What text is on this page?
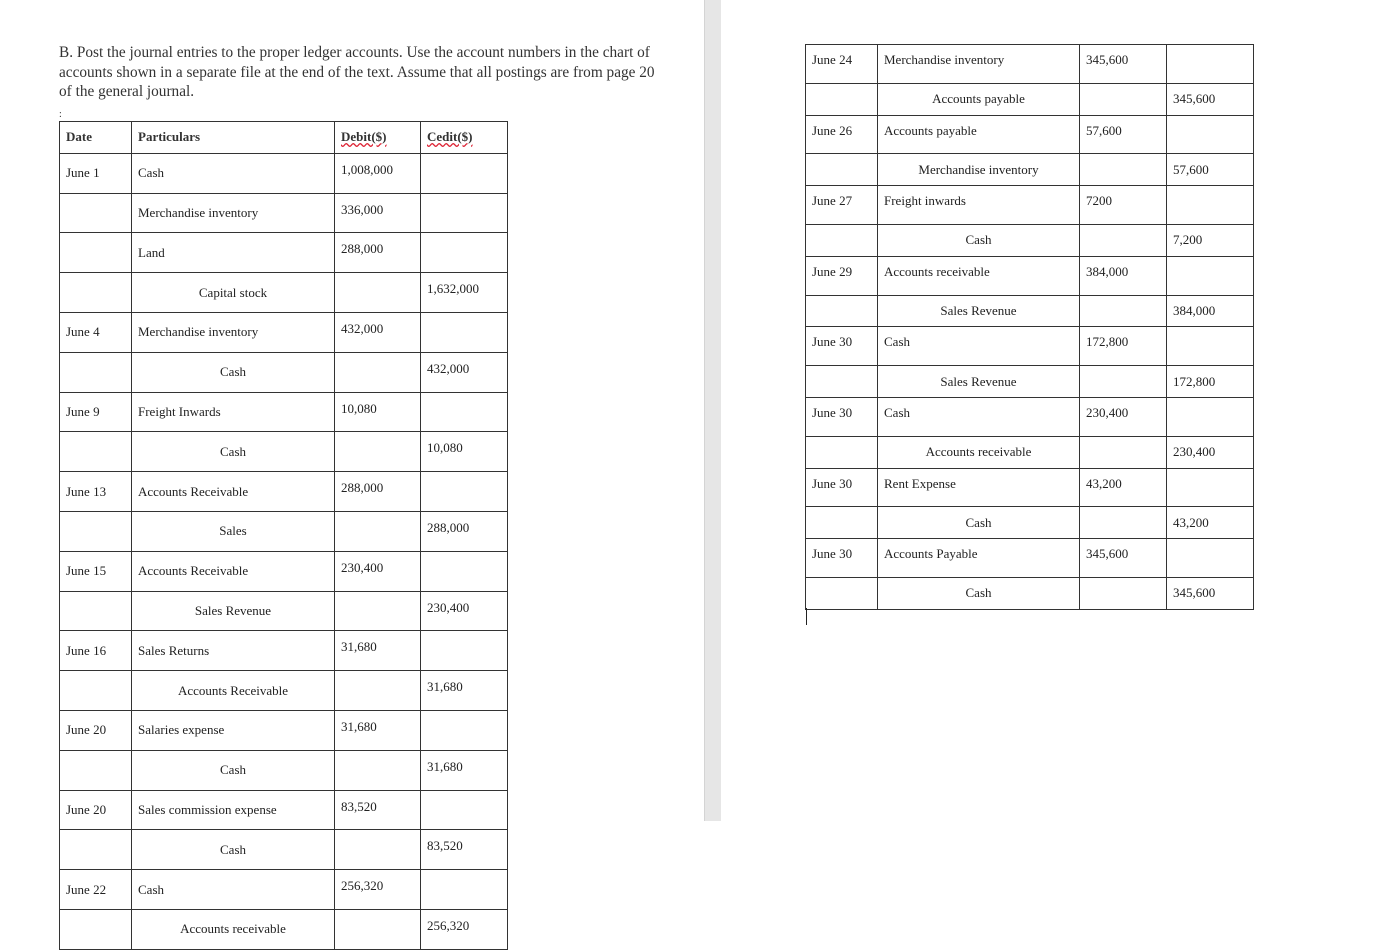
B. Post the journal entries to the proper ledger accounts. Use the account numbers in the chart of accounts shown in a separate file at the end of the text. Assume that all postings are from page 20 of the general journal.
:
Date	Particulars	Debit($)	Cedit($)
June 1	Cash	1,008,000	
	Merchandise inventory	336,000	
	Land	288,000	
	Capital stock		1,632,000
June 4	Merchandise inventory	432,000	
	Cash		432,000
June 9	Freight Inwards	10,080	
	Cash		10,080
June 13	Accounts Receivable	288,000	
	Sales		288,000
June 15	Accounts Receivable	230,400	
	Sales Revenue		230,400
June 16	Sales Returns	31,680	
	Accounts Receivable		31,680
June 20	Salaries expense	31,680	
	Cash		31,680
June 20	Sales commission expense	83,520	
	Cash		83,520
June 22	Cash	256,320	
	Accounts receivable		256,320
June 24	Merchandise inventory	345,600	
	Accounts payable		345,600
June 26	Accounts payable	57,600	
	Merchandise inventory		57,600
June 27	Freight inwards	7200	
	Cash		7,200
June 29	Accounts receivable	384,000	
	Sales Revenue		384,000
June 30	Cash	172,800	
	Sales Revenue		172,800
June 30	Cash	230,400	
	Accounts receivable		230,400
June 30	Rent Expense	43,200	
	Cash		43,200
June 30	Accounts Payable	345,600	
	Cash		345,600
